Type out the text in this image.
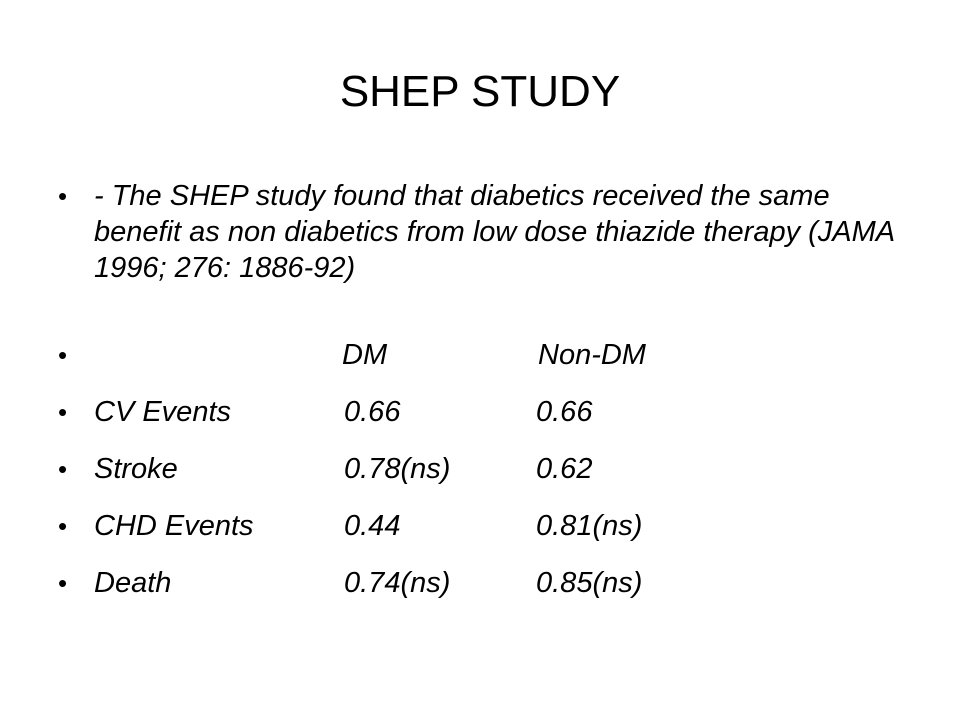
SHEP STUDY
• - The SHEP study found that diabetics received the same benefit as non diabetics from low dose thiazide therapy (JAMA 1996; 276: 1886-92)
•	DM	Non-DM
• CV Events	0.66	0.66
• Stroke	0.78(ns)	0.62
• CHD Events	0.44	0.81(ns)
• Death	0.74(ns)	0.85(ns)
